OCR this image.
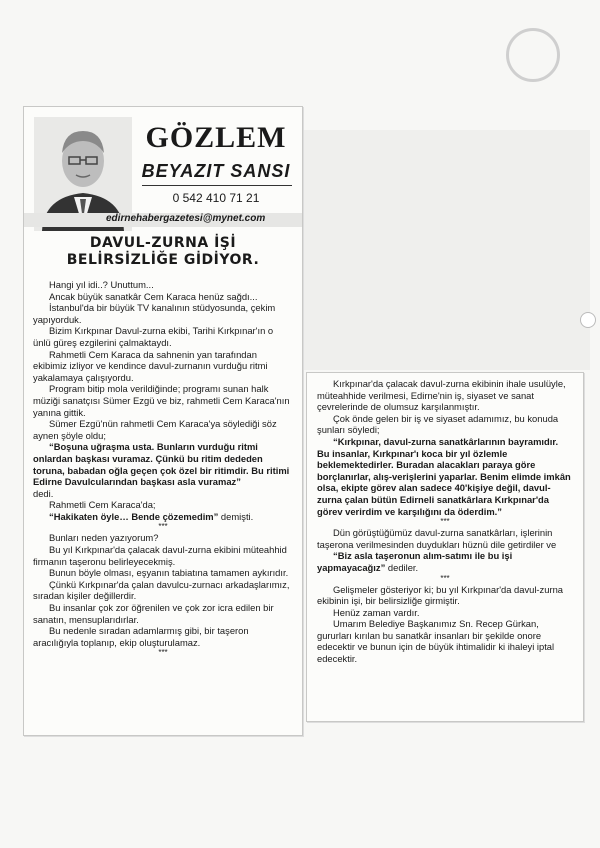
GÖZLEM
BEYAZIT SANSI
0 542 410 71 21
edirnehabergazetesi@mynet.com
DAVUL-ZURNA İŞİ
BELİRSİZLİĞE GİDİYOR.

Hangi yıl idi..? Unuttum...

Ancak büyük sanatkâr Cem Karaca henüz sağdı...

İstanbul'da bir büyük TV kanalının stüdyosunda, çekim yapıyorduk.

Bizim Kırkpınar Davul-zurna ekibi, Tarihi Kırkpınar'ın o ünlü güreş ezgilerini çalmaktaydı.

Rahmetli Cem Karaca da sahnenin yan tarafından ekibimiz izliyor ve kendince davul-zurnanın vurduğu ritmi yakalamaya çalışıyordu.

Program bitip mola verildiğinde; programı sunan halk müziği sanatçısı Sümer Ezgü ve biz, rahmetli Cem Karaca'nın yanına gittik.

Sümer Ezgü'nün rahmetli Cem Karaca'ya söylediği söz aynen şöyle oldu;

“Boşuna uğraşma usta. Bunların vurduğu ritmi onlardan başkası vuramaz. Çünkü bu ritim dededen toruna, babadan oğla geçen çok özel bir ritimdir. Bu ritimi Edirne Davulcularından başkası asla vuramaz”

dedi.

Rahmetli Cem Karaca'da;

“Hakikaten öyle… Bende çözemedim” demişti.

***

Bunları neden yazıyorum?

Bu yıl Kırkpınar'da çalacak davul-zurna ekibini müteahhid firmanın taşeronu belirleyecekmiş.

Bunun böyle olması, eşyanın tabiatına tamamen aykırıdır.

Çünkü Kırkpınar'da çalan davulcu-zurnacı arkadaşlarımız, sıradan kişiler değillerdir.

Bu insanlar çok zor öğrenilen ve çok zor icra edilen bir sanatın, mensuplarıdırlar.

Bu nedenle sıradan adamlarmış gibi, bir taşeron aracılığıyla toplanıp, ekip oluşturulamaz.

***

Kırkpınar'da çalacak davul-zurna ekibinin ihale usulüyle, müteahhide verilmesi, Edirne'nin iş, siyaset ve sanat çevrelerinde de olumsuz karşılanmıştır.

Çok önde gelen bir iş ve siyaset adamımız, bu konuda şunları söyledi;

“Kırkpınar, davul-zurna sanatkârlarının bayramıdır. Bu insanlar, Kırkpınar'ı koca bir yıl özlemle beklemektedirler. Buradan alacakları paraya göre borçlanırlar, alış-verişlerini yaparlar. Benim elimde imkân olsa, ekipte görev alan sadece 40'kişiye değil, davul-zurna çalan bütün Edirneli sanatkârlara Kırkpınar'da görev verirdim ve karşılığını da öderdim.”

***

Dün görüştüğümüz davul-zurna sanatkârları, işlerinin taşerona verilmesinden duydukları hüznü dile getirdiler ve

“Biz asla taşeronun alım-satımı ile bu işi yapmayacağız” dediler.

***

Gelişmeler gösteriyor ki; bu yıl Kırkpınar'da davul-zurna ekibinin işi, bir belirsizliğe girmiştir.

Henüz zaman vardır.

Umarım Belediye Başkanımız Sn. Recep Gürkan, gururları kırılan bu sanatkâr insanları bir şekilde onore edecektir ve bunun için de büyük ihtimalidir ki ihaleyi iptal edecektir.
